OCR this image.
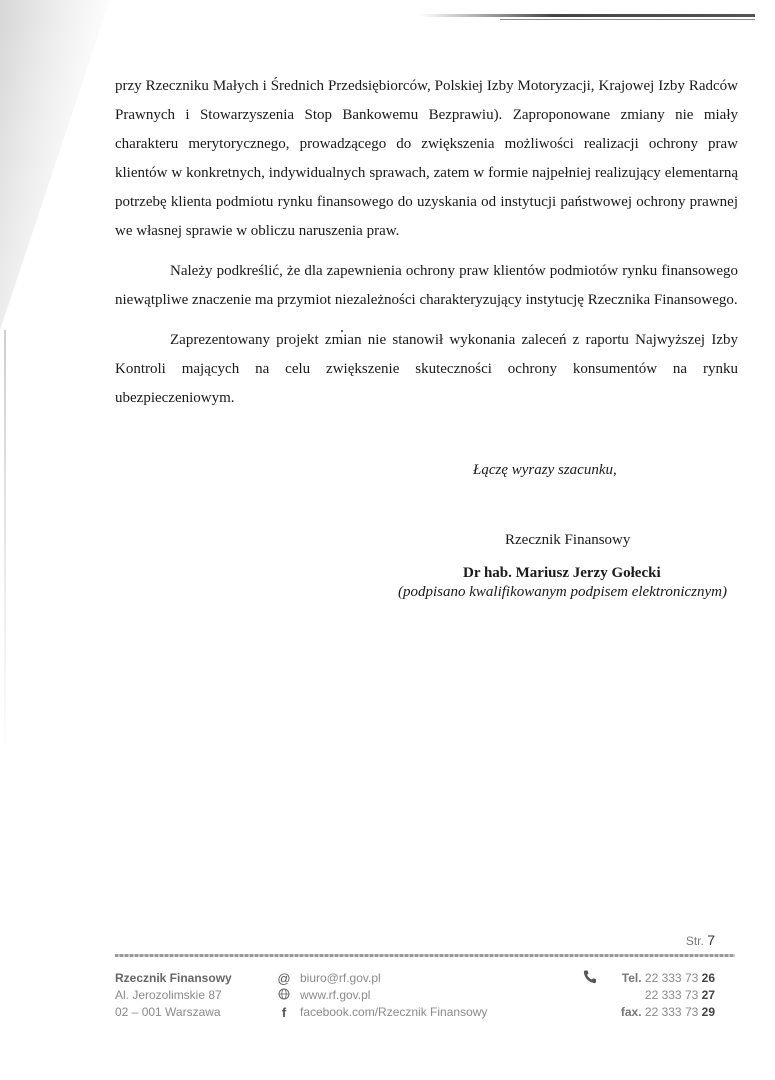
przy Rzeczniku Małych i Średnich Przedsiębiorców, Polskiej Izby Motoryzacji, Krajowej Izby Radców Prawnych i Stowarzyszenia Stop Bankowemu Bezprawiu). Zaproponowane zmiany nie miały charakteru merytorycznego, prowadzącego do zwiększenia możliwości realizacji ochrony praw klientów w konkretnych, indywidualnych sprawach, zatem w formie najpełniej realizujący elementarną potrzebę klienta podmiotu rynku finansowego do uzyskania od instytucji państwowej ochrony prawnej we własnej sprawie w obliczu naruszenia praw.

Należy podkreślić, że dla zapewnienia ochrony praw klientów podmiotów rynku finansowego niewątpliwe znaczenie ma przymiot niezależności charakteryzujący instytucję Rzecznika Finansowego.

Zaprezentowany projekt zmian nie stanowił wykonania zaleceń z raportu Najwyższej Izby Kontroli mających na celu zwiększenie skuteczności ochrony konsumentów na rynku ubezpieczeniowym.

Łączę wyrazy szacunku,
Rzecznik Finansowy
Dr hab. Mariusz Jerzy Gołecki
(podpisano kwalifikowanym podpisem elektronicznym)
Str. 7
Rzecznik Finansowy
Al. Jerozolimskie 87
02 – 001 Warszawa
@ biuro@rf.gov.pl
www.rf.gov.pl
f	facebook.com/Rzecznik Finansowy
Tel. 22 333 73 26
22 333 73 27
fax. 22 333 73 29
